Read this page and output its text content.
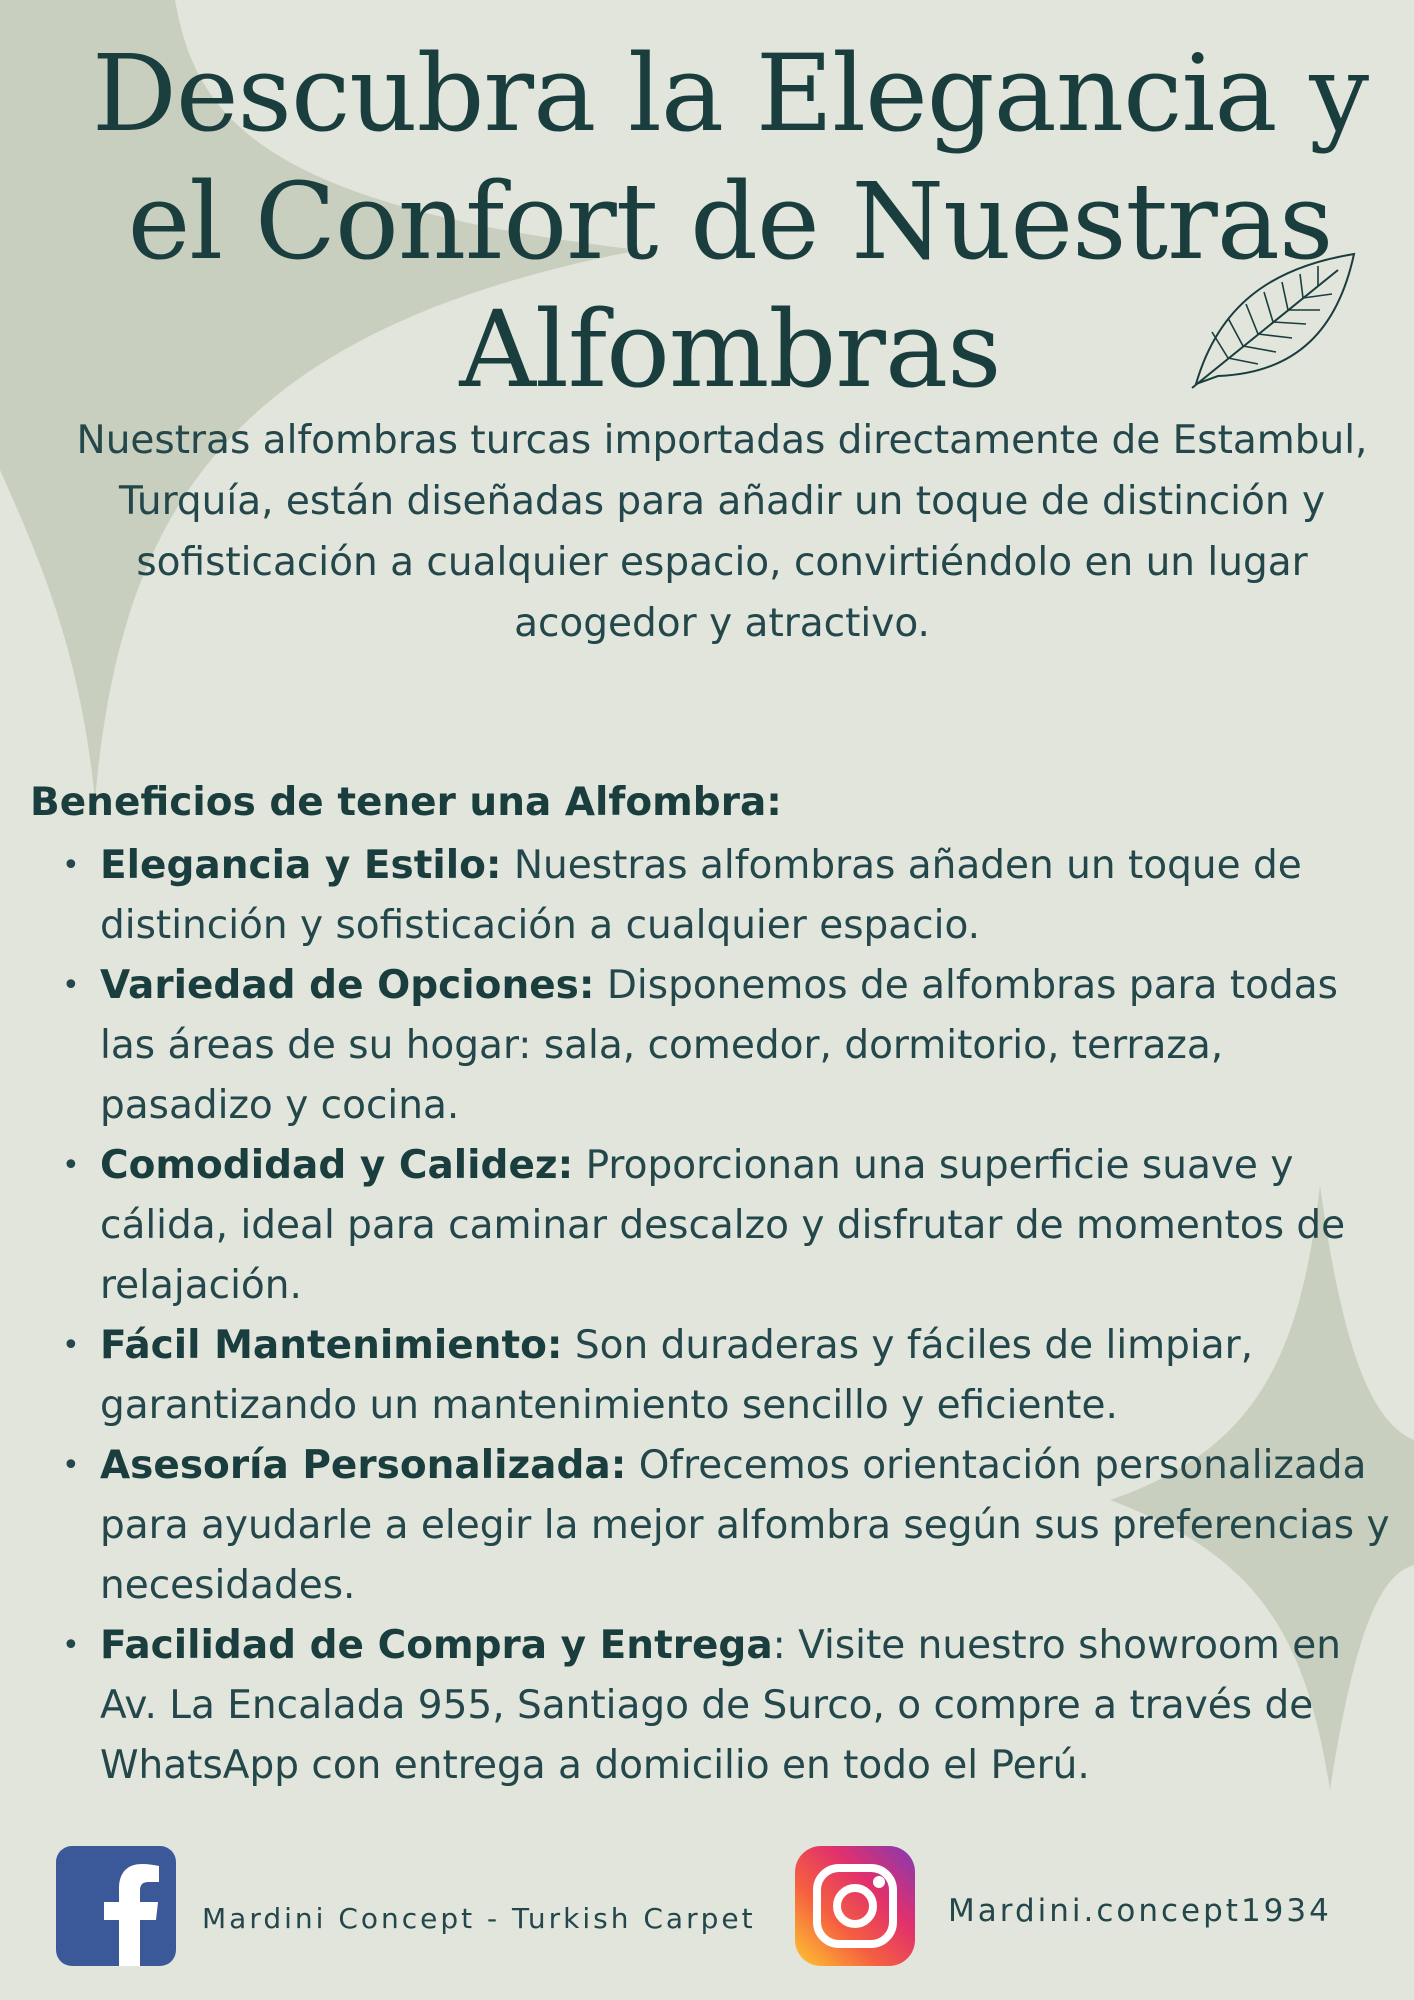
Descubra la Elegancia y el Confort de Nuestras Alfombras

Nuestras alfombras turcas importadas directamente de Estambul, Turquía, están diseñadas para añadir un toque de distinción y sofisticación a cualquier espacio, convirtiéndolo en un lugar acogedor y atractivo.

Beneficios de tener una Alfombra:
• Elegancia y Estilo: Nuestras alfombras añaden un toque de distinción y sofisticación a cualquier espacio.
• Variedad de Opciones: Disponemos de alfombras para todas las áreas de su hogar: sala, comedor, dormitorio, terraza, pasadizo y cocina.
• Comodidad y Calidez: Proporcionan una superficie suave y cálida, ideal para caminar descalzo y disfrutar de momentos de relajación.
• Fácil Mantenimiento: Son duraderas y fáciles de limpiar, garantizando un mantenimiento sencillo y eficiente.
• Asesoría Personalizada: Ofrecemos orientación personalizada para ayudarle a elegir la mejor alfombra según sus preferencias y necesidades.
• Facilidad de Compra y Entrega: Visite nuestro showroom en Av. La Encalada 955, Santiago de Surco, o compre a través de WhatsApp con entrega a domicilio en todo el Perú.
Mardini Concept - Turkish Carpet	Mardini.concept1934
